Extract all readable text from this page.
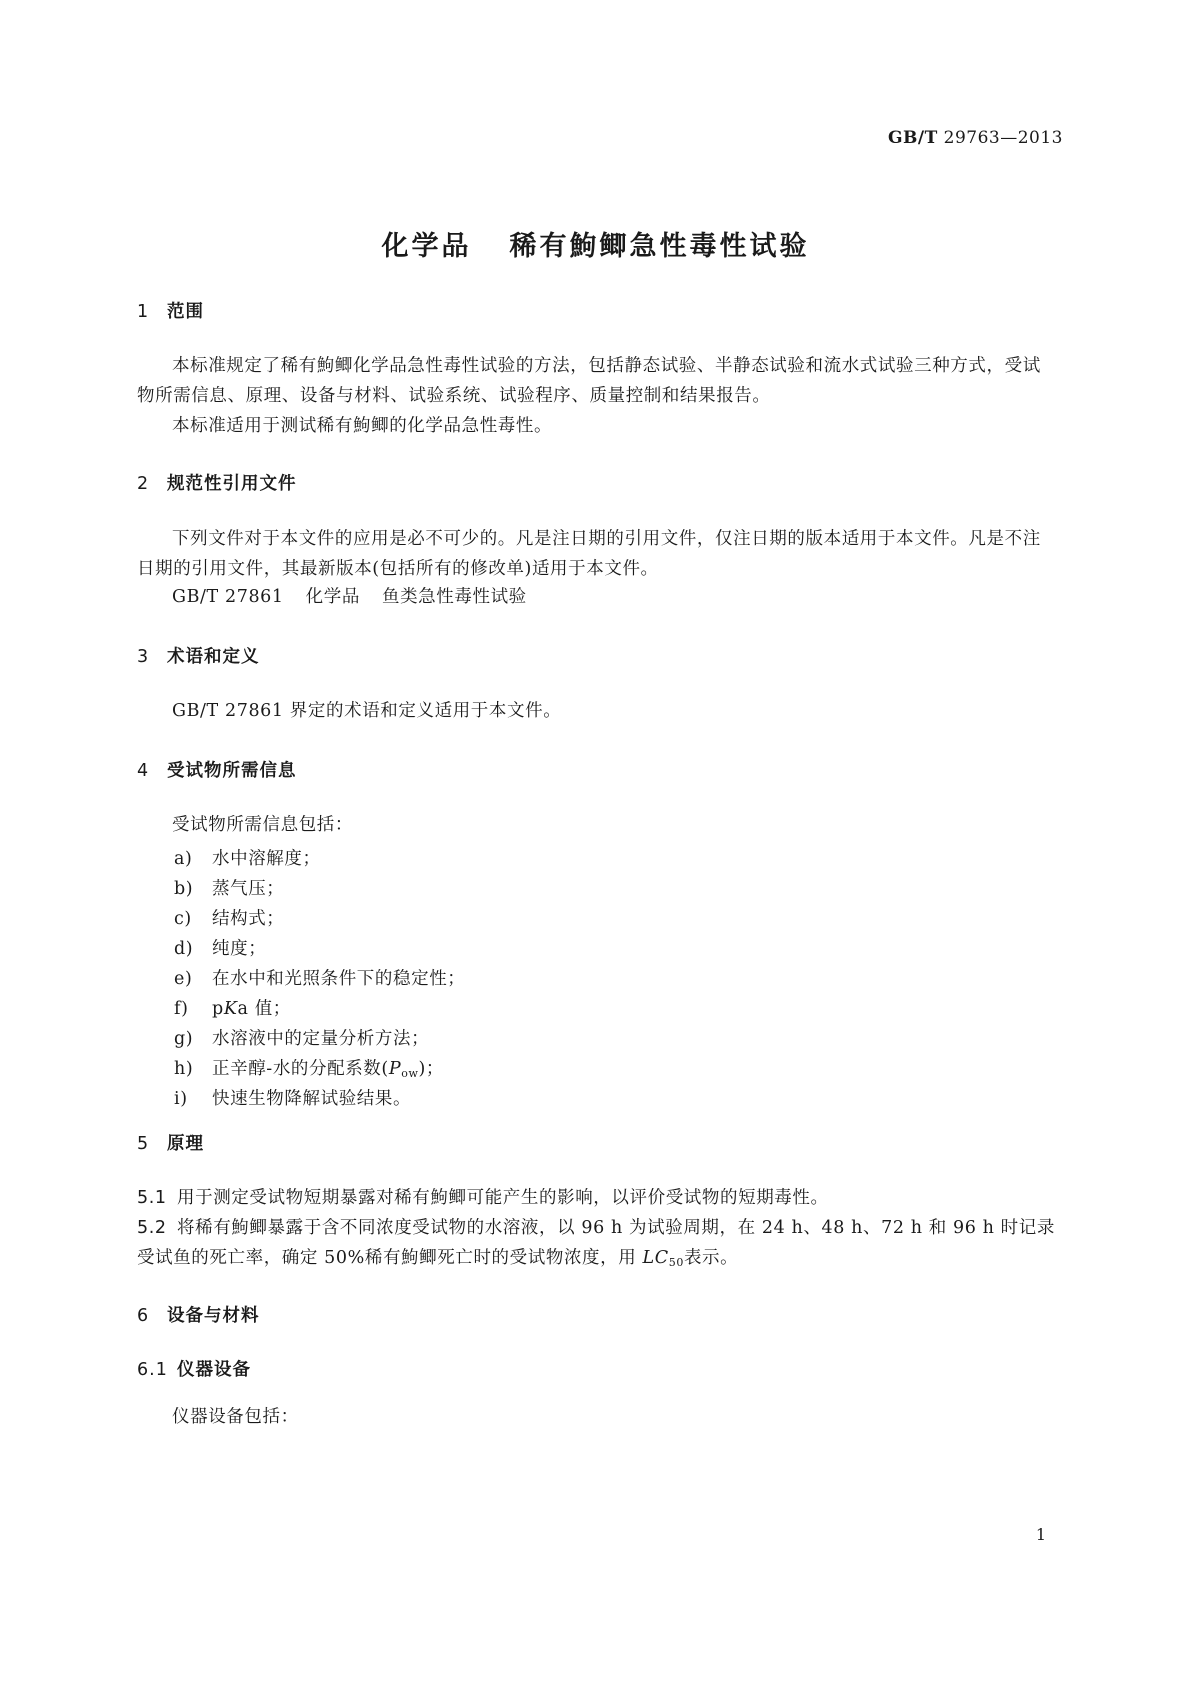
GB/T 29763—2013
化学品 稀有鮈鲫急性毒性试验
1 范围
本标准规定了稀有鮈鲫化学品急性毒性试验的方法，包括静态试验、半静态试验和流水式试验三种方式，受试物所需信息、原理、设备与材料、试验系统、试验程序、质量控制和结果报告。
本标准适用于测试稀有鮈鲫的化学品急性毒性。
2 规范性引用文件
下列文件对于本文件的应用是必不可少的。凡是注日期的引用文件，仅注日期的版本适用于本文件。凡是不注日期的引用文件，其最新版本(包括所有的修改单)适用于本文件。
GB/T 27861 化学品 鱼类急性毒性试验
3 术语和定义
GB/T 27861 界定的术语和定义适用于本文件。
4 受试物所需信息
受试物所需信息包括：
a) 水中溶解度；
b) 蒸气压；
c) 结构式；
d) 纯度；
e) 在水中和光照条件下的稳定性；
f) pKa 值；
g) 水溶液中的定量分析方法；
h) 正辛醇-水的分配系数$(P_{ow})$；
i) 快速生物降解试验结果。
5 原理
5.1 用于测定受试物短期暴露对稀有鮈鲫可能产生的影响，以评价受试物的短期毒性。
5.2 将稀有鮈鲫暴露于含不同浓度受试物的水溶液，以 96 h 为试验周期，在 24 h、48 h、72 h 和 96 h 时记录受试鱼的死亡率，确定 50%稀有鮈鲫死亡时的受试物浓度，用 $LC_{50}$表示。
6 设备与材料
6.1 仪器设备
仪器设备包括：
1
